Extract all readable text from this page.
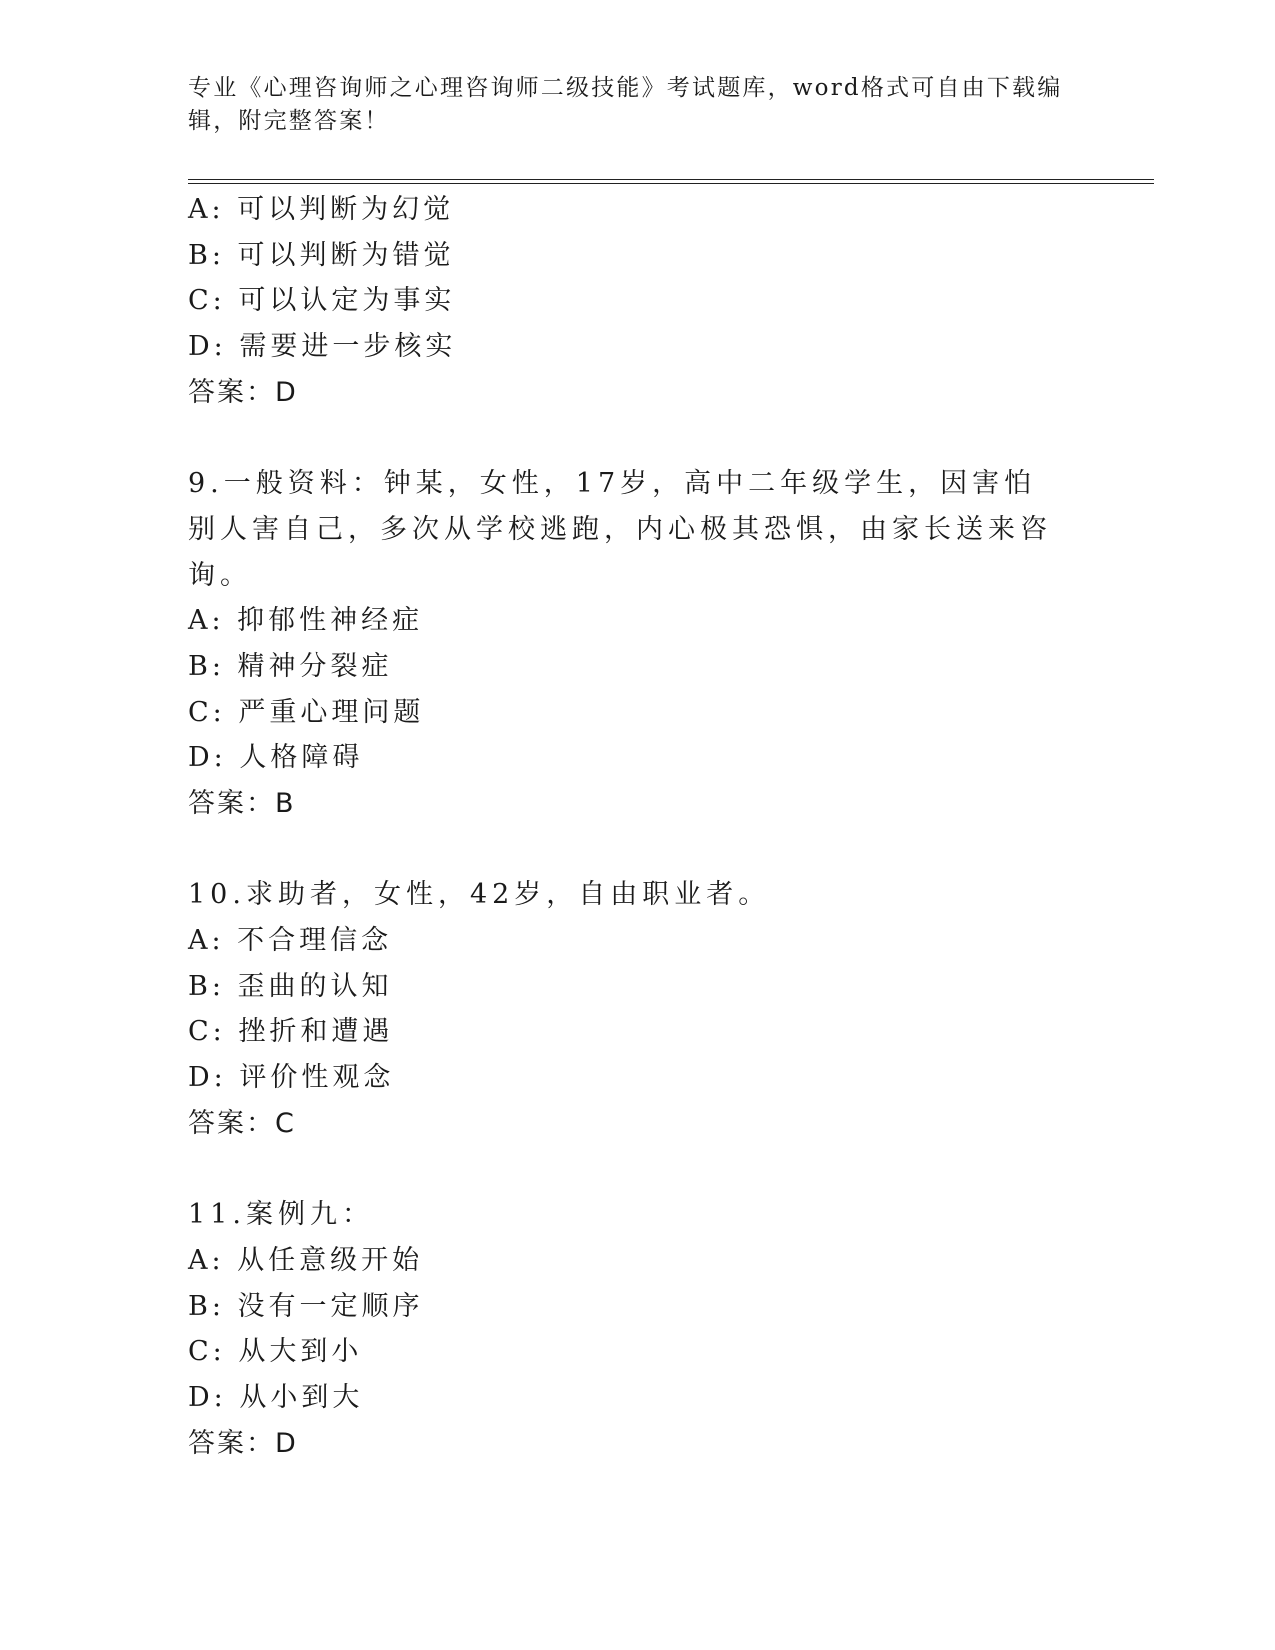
专业《心理咨询师之心理咨询师二级技能》考试题库，word格式可自由下载编辑，附完整答案！
A: 可以判断为幻觉
B: 可以判断为错觉
C: 可以认定为事实
D: 需要进一步核实
答案：D
9.一般资料：钟某，女性，17岁，高中二年级学生，因害怕别人害自己，多次从学校逃跑，内心极其恐惧，由家长送来咨询。
A: 抑郁性神经症
B: 精神分裂症
C: 严重心理问题
D: 人格障碍
答案：B
10.求助者，女性，42岁，自由职业者。
A: 不合理信念
B: 歪曲的认知
C: 挫折和遭遇
D: 评价性观念
答案：C
11.案例九：
A: 从任意级开始
B: 没有一定顺序
C: 从大到小
D: 从小到大
答案：D
